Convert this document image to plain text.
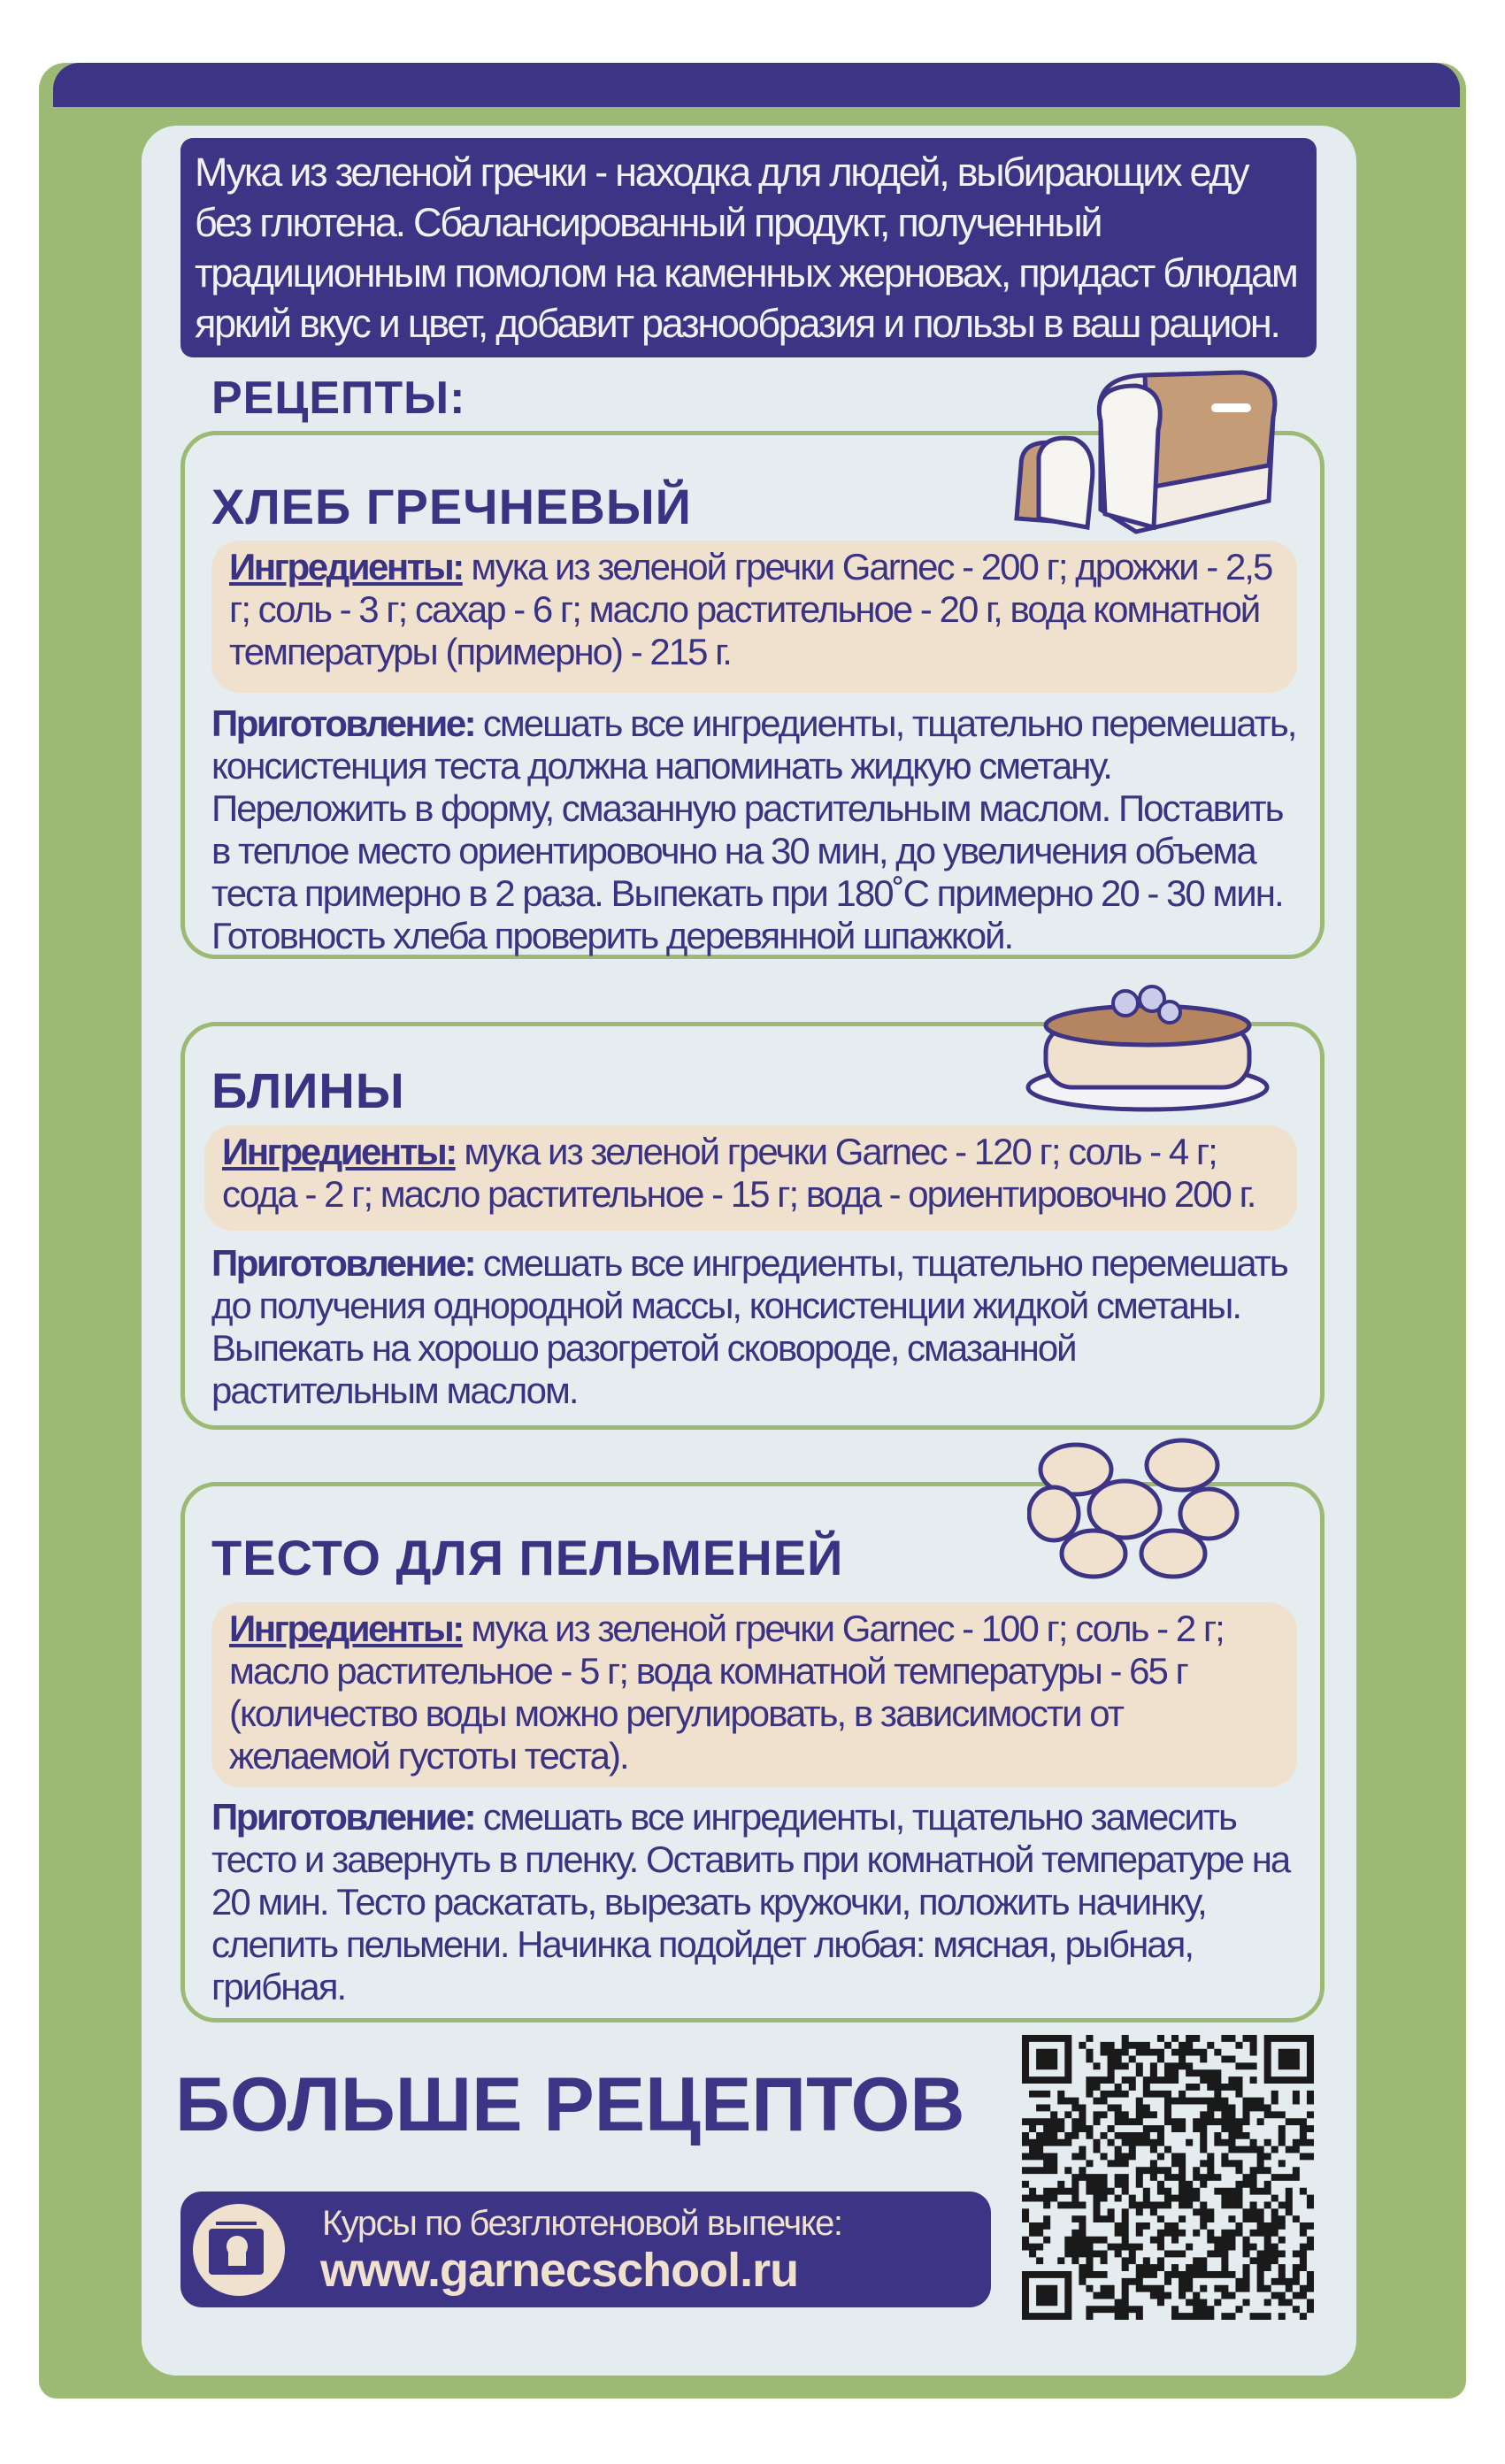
Мука из зеленой гречки - находка для людей, выбирающих еду без глютена. Сбалансированный продукт, полученный традиционным помолом на каменных жерновах, придаст блюдам яркий вкус и цвет, добавит разнообразия и пользы в ваш рацион.
РЕЦЕПТЫ:
ХЛЕБ ГРЕЧНЕВЫЙ
Ингредиенты: мука из зеленой гречки Garnec - 200 г; дрожжи - 2,5 г; соль - 3 г; сахар - 6 г; масло растительное - 20 г, вода комнатной температуры (примерно) - 215 г.
Приготовление: смешать все ингредиенты, тщательно перемешать, консистенция теста должна напоминать жидкую сметану. Переложить в форму, смазанную растительным маслом. Поставить в теплое место ориентировочно на 30 мин, до увеличения объема теста примерно в 2 раза. Выпекать при 180˚С примерно 20 - 30 мин. Готовность хлеба проверить деревянной шпажкой.
БЛИНЫ
Ингредиенты: мука из зеленой гречки Garnec - 120 г; соль - 4 г; сода - 2 г; масло растительное - 15 г; вода - ориентировочно 200 г.
Приготовление: смешать все ингредиенты, тщательно перемешать до получения однородной массы, консистенции жидкой сметаны. Выпекать на хорошо разогретой сковороде, смазанной растительным маслом.
ТЕСТО ДЛЯ ПЕЛЬМЕНЕЙ
Ингредиенты: мука из зеленой гречки Garnec - 100 г; соль - 2 г; масло растительное - 5 г; вода комнатной температуры - 65 г (количество воды можно регулировать, в зависимости от желаемой густоты теста).
Приготовление: смешать все ингредиенты, тщательно замесить тесто и завернуть в пленку. Оставить при комнатной температуре на 20 мин. Тесто раскатать, вырезать кружочки, положить начинку, слепить пельмени. Начинка подойдет любая: мясная, рыбная, грибная.
БОЛЬШЕ РЕЦЕПТОВ
Курсы по безглютеновой выпечке:
www.garnecschool.ru
